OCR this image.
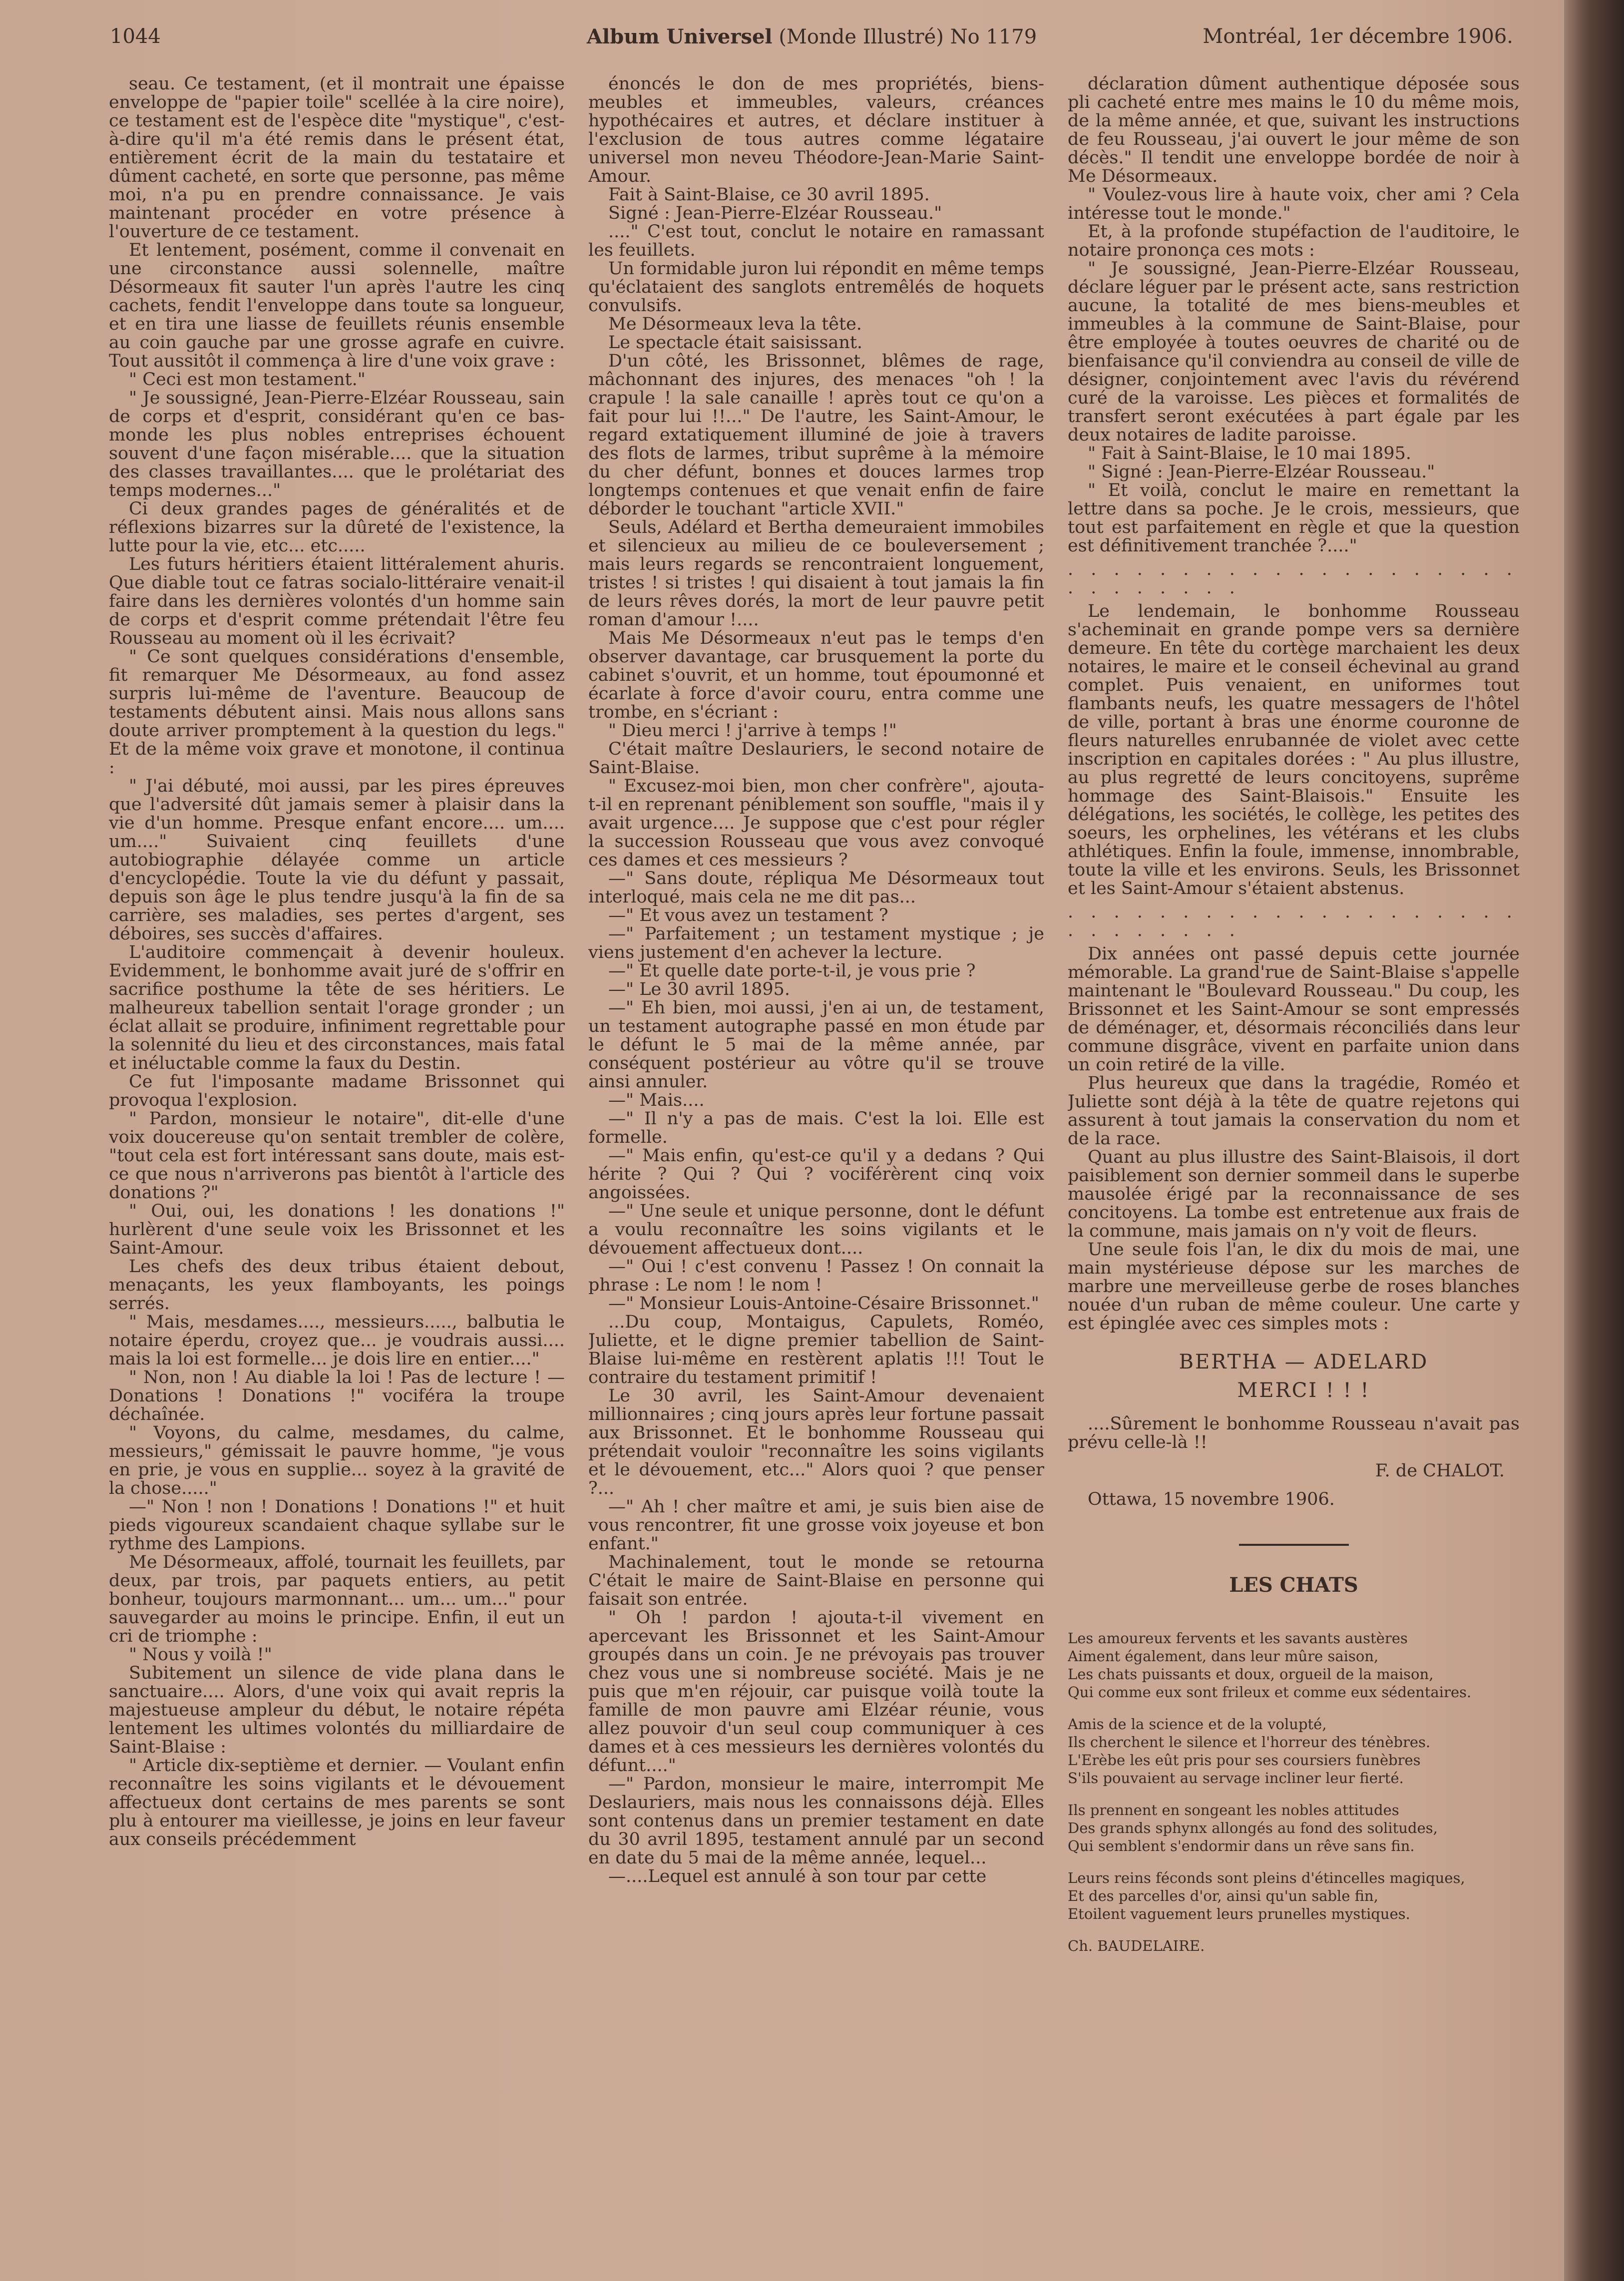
1044	Album Universel (Monde Illustré) No 1179	Montréal, 1er décembre 1906.

seau. Ce testament, (et il montrait une épaisse enveloppe de "papier toile" scellée à la cire noire), ce testament est de l'espèce dite "mystique", c'est-à-dire qu'il m'a été remis dans le présent état, entièrement écrit de la main du testataire et dûment cacheté, en sorte que personne, pas même moi, n'a pu en prendre connaissance. Je vais maintenant procéder en votre présence à l'ouverture de ce testament.

Et lentement, posément, comme il convenait en une circonstance aussi solennelle, maître Désormeaux fit sauter l'un après l'autre les cinq cachets, fendit l'enveloppe dans toute sa longueur, et en tira une liasse de feuillets réunis ensemble au coin gauche par une grosse agrafe en cuivre. Tout aussitôt il commença à lire d'une voix grave :

" Ceci est mon testament."

" Je soussigné, Jean-Pierre-Elzéar Rousseau, sain de corps et d'esprit, considérant qu'en ce bas-monde les plus nobles entreprises échouent souvent d'une façon misérable.... que la situation des classes travaillantes.... que le prolétariat des temps modernes..."

Ci deux grandes pages de généralités et de réflexions bizarres sur la dûreté de l'existence, la lutte pour la vie, etc... etc.....

Les futurs héritiers étaient littéralement ahuris. Que diable tout ce fatras socialo-littéraire venait-il faire dans les dernières volontés d'un homme sain de corps et d'esprit comme prétendait l'être feu Rousseau au moment où il les écrivait?

" Ce sont quelques considérations d'ensemble, fit remarquer Me Désormeaux, au fond assez surpris lui-même de l'aventure. Beaucoup de testaments débutent ainsi. Mais nous allons sans doute arriver promptement à la question du legs." Et de la même voix grave et monotone, il continua :

" J'ai débuté, moi aussi, par les pires épreuves que l'adversité dût jamais semer à plaisir dans la vie d'un homme. Presque enfant encore.... um.... um...." Suivaient cinq feuillets d'une autobiographie délayée comme un article d'encyclopédie. Toute la vie du défunt y passait, depuis son âge le plus tendre jusqu'à la fin de sa carrière, ses maladies, ses pertes d'argent, ses déboires, ses succès d'affaires.

L'auditoire commençait à devenir houleux. Evidemment, le bonhomme avait juré de s'offrir en sacrifice posthume la tête de ses héritiers. Le malheureux tabellion sentait l'orage gronder ; un éclat allait se produire, infiniment regrettable pour la solennité du lieu et des circonstances, mais fatal et inéluctable comme la faux du Destin.

Ce fut l'imposante madame Brissonnet qui provoqua l'explosion.

" Pardon, monsieur le notaire", dit-elle d'une voix doucereuse qu'on sentait trembler de colère, "tout cela est fort intéressant sans doute, mais est-ce que nous n'arriverons pas bientôt à l'article des donations ?"

" Oui, oui, les donations ! les donations !" hurlèrent d'une seule voix les Brissonnet et les Saint-Amour.

Les chefs des deux tribus étaient debout, menaçants, les yeux flamboyants, les poings serrés.

" Mais, mesdames...., messieurs....., balbutia le notaire éperdu, croyez que... je voudrais aussi.... mais la loi est formelle... je dois lire en entier...."

" Non, non ! Au diable la loi ! Pas de lecture ! — Donations ! Donations !" vociféra la troupe déchaînée.

" Voyons, du calme, mesdames, du calme, messieurs," gémissait le pauvre homme, "je vous en prie, je vous en supplie... soyez à la gravité de la chose....."

—" Non ! non ! Donations ! Donations !" et huit pieds vigoureux scandaient chaque syllabe sur le rythme des Lampions.

Me Désormeaux, affolé, tournait les feuillets, par deux, par trois, par paquets entiers, au petit bonheur, toujours marmonnant... um... um..." pour sauvegarder au moins le principe. Enfin, il eut un cri de triomphe :

" Nous y voilà !"

Subitement un silence de vide plana dans le sanctuaire.... Alors, d'une voix qui avait repris la majestueuse ampleur du début, le notaire répéta lentement les ultimes volontés du milliardaire de Saint-Blaise :

" Article dix-septième et dernier. — Voulant enfin reconnaître les soins vigilants et le dévouement affectueux dont certains de mes parents se sont plu à entourer ma vieillesse, je joins en leur faveur aux conseils précédemment

énoncés le don de mes propriétés, biens-meubles et immeubles, valeurs, créances hypothécaires et autres, et déclare instituer à l'exclusion de tous autres comme légataire universel mon neveu Théodore-Jean-Marie Saint-Amour.

Fait à Saint-Blaise, ce 30 avril 1895.

Signé : Jean-Pierre-Elzéar Rousseau."

...." C'est tout, conclut le notaire en ramassant les feuillets.

Un formidable juron lui répondit en même temps qu'éclataient des sanglots entremêlés de hoquets convulsifs.

Me Désormeaux leva la tête.

Le spectacle était saisissant.

D'un côté, les Brissonnet, blêmes de rage, mâchonnant des injures, des menaces "oh ! la crapule ! la sale canaille ! après tout ce qu'on a fait pour lui !!..." De l'autre, les Saint-Amour, le regard extatiquement illuminé de joie à travers des flots de larmes, tribut suprême à la mémoire du cher défunt, bonnes et douces larmes trop longtemps contenues et que venait enfin de faire déborder le touchant "article XVII."

Seuls, Adélard et Bertha demeuraient immobiles et silencieux au milieu de ce bouleversement ; mais leurs regards se rencontraient longuement, tristes ! si tristes ! qui disaient à tout jamais la fin de leurs rêves dorés, la mort de leur pauvre petit roman d'amour !....

Mais Me Désormeaux n'eut pas le temps d'en observer davantage, car brusquement la porte du cabinet s'ouvrit, et un homme, tout époumonné et écarlate à force d'avoir couru, entra comme une trombe, en s'écriant :

" Dieu merci ! j'arrive à temps !"

C'était maître Deslauriers, le second notaire de Saint-Blaise.

" Excusez-moi bien, mon cher confrère", ajouta-t-il en reprenant péniblement son souffle, "mais il y avait urgence.... Je suppose que c'est pour régler la succession Rousseau que vous avez convoqué ces dames et ces messieurs ?

—" Sans doute, répliqua Me Désormeaux tout interloqué, mais cela ne me dit pas...

—" Et vous avez un testament ?

—" Parfaitement ; un testament mystique ; je viens justement d'en achever la lecture.

—" Et quelle date porte-t-il, je vous prie ?

—" Le 30 avril 1895.

—" Eh bien, moi aussi, j'en ai un, de testament, un testament autographe passé en mon étude par le défunt le 5 mai de la même année, par conséquent postérieur au vôtre qu'il se trouve ainsi annuler.

—" Mais....

—" Il n'y a pas de mais. C'est la loi. Elle est formelle.

—" Mais enfin, qu'est-ce qu'il y a dedans ? Qui hérite ? Qui ? Qui ? vociférèrent cinq voix angoissées.

—" Une seule et unique personne, dont le défunt a voulu reconnaître les soins vigilants et le dévouement affectueux dont....

—" Oui ! c'est convenu ! Passez ! On connait la phrase : Le nom ! le nom !

—" Monsieur Louis-Antoine-Césaire Brissonnet."

...Du coup, Montaigus, Capulets, Roméo, Juliette, et le digne premier tabellion de Saint-Blaise lui-même en restèrent aplatis !!! Tout le contraire du testament primitif !

Le 30 avril, les Saint-Amour devenaient millionnaires ; cinq jours après leur fortune passait aux Brissonnet. Et le bonhomme Rousseau qui prétendait vouloir "reconnaître les soins vigilants et le dévouement, etc..." Alors quoi ? que penser ?...

—" Ah ! cher maître et ami, je suis bien aise de vous rencontrer, fit une grosse voix joyeuse et bon enfant."

Machinalement, tout le monde se retourna C'était le maire de Saint-Blaise en personne qui faisait son entrée.

" Oh ! pardon ! ajouta-t-il vivement en apercevant les Brissonnet et les Saint-Amour groupés dans un coin. Je ne prévoyais pas trouver chez vous une si nombreuse société. Mais je ne puis que m'en réjouir, car puisque voilà toute la famille de mon pauvre ami Elzéar réunie, vous allez pouvoir d'un seul coup communiquer à ces dames et à ces messieurs les dernières volontés du défunt...."

—" Pardon, monsieur le maire, interrompit Me Deslauriers, mais nous les connaissons déjà. Elles sont contenus dans un premier testament en date du 30 avril 1895, testament annulé par un second en date du 5 mai de la même année, lequel...

—....Lequel est annulé à son tour par cette

déclaration dûment authentique déposée sous pli cacheté entre mes mains le 10 du même mois, de la même année, et que, suivant les instructions de feu Rousseau, j'ai ouvert le jour même de son décès." Il tendit une enveloppe bordée de noir à Me Désormeaux.

" Voulez-vous lire à haute voix, cher ami ? Cela intéresse tout le monde."

Et, à la profonde stupéfaction de l'auditoire, le notaire prononça ces mots :

" Je soussigné, Jean-Pierre-Elzéar Rousseau, déclare léguer par le présent acte, sans restriction aucune, la totalité de mes biens-meubles et immeubles à la commune de Saint-Blaise, pour être employée à toutes oeuvres de charité ou de bienfaisance qu'il conviendra au conseil de ville de désigner, conjointement avec l'avis du révérend curé de la varoisse. Les pièces et formalités de transfert seront exécutées à part égale par les deux notaires de ladite paroisse.

" Fait à Saint-Blaise, le 10 mai 1895.

" Signé : Jean-Pierre-Elzéar Rousseau."

" Et voilà, conclut le maire en remettant la lettre dans sa poche. Je le crois, messieurs, que tout est parfaitement en règle et que la question est définitivement tranchée ?...."

. . . . . . . . . . . . . . . . . . . . . . . . . . . .

Le lendemain, le bonhomme Rousseau s'acheminait en grande pompe vers sa dernière demeure. En tête du cortège marchaient les deux notaires, le maire et le conseil échevinal au grand complet. Puis venaient, en uniformes tout flambants neufs, les quatre messagers de l'hôtel de ville, portant à bras une énorme couronne de fleurs naturelles enrubannée de violet avec cette inscription en capitales dorées : " Au plus illustre, au plus regretté de leurs concitoyens, suprême hommage des Saint-Blaisois." Ensuite les délégations, les sociétés, le collège, les petites des soeurs, les orphelines, les vétérans et les clubs athlétiques. Enfin la foule, immense, innombrable, toute la ville et les environs. Seuls, les Brissonnet et les Saint-Amour s'étaient abstenus.

. . . . . . . . . . . . . . . . . . . . . . . . . . . .

Dix années ont passé depuis cette journée mémorable. La grand'rue de Saint-Blaise s'appelle maintenant le "Boulevard Rousseau." Du coup, les Brissonnet et les Saint-Amour se sont empressés de déménager, et, désormais réconciliés dans leur commune disgrâce, vivent en parfaite union dans un coin retiré de la ville.

Plus heureux que dans la tragédie, Roméo et Juliette sont déjà à la tête de quatre rejetons qui assurent à tout jamais la conservation du nom et de la race.

Quant au plus illustre des Saint-Blaisois, il dort paisiblement son dernier sommeil dans le superbe mausolée érigé par la reconnaissance de ses concitoyens. La tombe est entretenue aux frais de la commune, mais jamais on n'y voit de fleurs.

Une seule fois l'an, le dix du mois de mai, une main mystérieuse dépose sur les marches de marbre une merveilleuse gerbe de roses blanches nouée d'un ruban de même couleur. Une carte y est épinglée avec ces simples mots :

BERTHA — ADELARD

MERCI ! ! !

....Sûrement le bonhomme Rousseau n'avait pas prévu celle-là !!

F. de CHALOT.

Ottawa, 15 novembre 1906.

LES CHATS
Les amoureux fervents et les savants austères
Aiment également, dans leur mûre saison,
Les chats puissants et doux, orgueil de la maison,
Qui comme eux sont frileux et comme eux sédentaires.
Amis de la science et de la volupté,
Ils cherchent le silence et l'horreur des ténèbres.
L'Erèbe les eût pris pour ses coursiers funèbres
S'ils pouvaient au servage incliner leur fierté.
Ils prennent en songeant les nobles attitudes
Des grands sphynx allongés au fond des solitudes,
Qui semblent s'endormir dans un rêve sans fin.
Leurs reins féconds sont pleins d'étincelles magiques,
Et des parcelles d'or, ainsi qu'un sable fin,
Etoilent vaguement leurs prunelles mystiques.
Ch. BAUDELAIRE.
